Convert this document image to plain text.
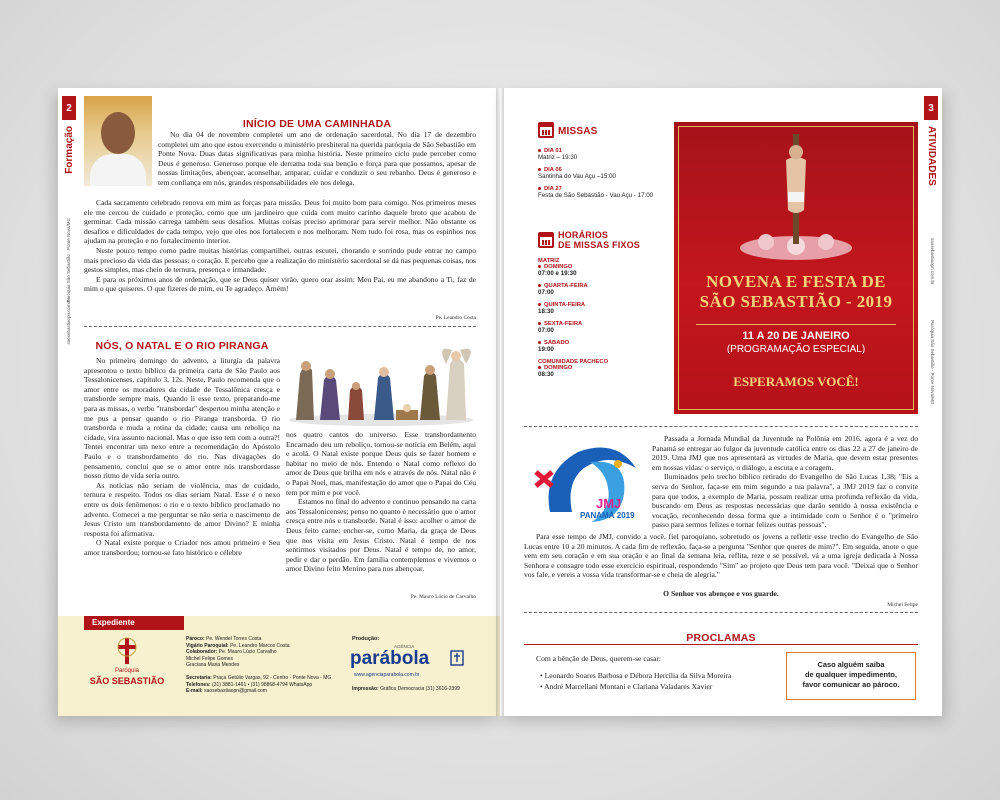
2
Formação
Paróquia São Sebastião - Ponte Nova/MG
saosebastiaopn.com.br
INÍCIO DE UMA CAMINHADA

No dia 04 de novembro completei um ano de ordenação sacerdotal. No dia 17 de dezembro completei um ano que estou exercendo o ministério presbiteral na querida paróquia de São Sebastião em Ponte Nova. Duas datas significativas para minha história. Neste primeiro ciclo pude perceber como Deus é generoso. Generoso porque ele derrama toda sua benção e força para que possamos, apesar de nossas limitações, abençoar, aconselhar, amparar, cuidar e conduzir o seu rebanho. Deus é generoso e tem confiança em nós, grandes responsabilidades ele nos delega.

Cada sacramento celebrado renova em mim as forças para missão. Deus foi muito bom para comigo. Nos primeiros meses ele me cercou de cuidado e proteção, como que um jardineiro que cuida com muito carinho daquele broto que acabou de germinar. Cada missão carrega também seus desafios. Muitas coisas preciso aprimorar para servir melhor. Não obstante os desafios e dificuldades de cada tempo, vejo que eles nos fortalecem e nos melhoram. Nem tudo foi rosa, mas os espinhos nos ajudam na proteção e no fortalecimento interior.

Neste pouco tempo como padre muitas histórias compartilhei, outras escutei, chorando e sorrindo pude entrar no campo mais precioso da vida das pessoas: o coração. E percebo que a realização do ministério sacerdotal se dá nas pequenas coisas, nos gestos simples, mas cheio de ternura, presença e irmandade.

E para os próximos anos de ordenação, que se Deus quiser virão, quero orar assim: Meu Pai, eu me abandono a Ti, faz de mim o que quiseres. O que fizeres de mim, eu Te agradeço. Amém!

Pe. Leandro Costa
NÓS, O NATAL E O RIO PIRANGA

No primeiro domingo do advento, a liturgia da palavra apresentou o texto bíblico da primeira carta de São Paulo aos Tessalonicenses, capítulo 3, 12s. Neste, Paulo recomenda que o amor entre os moradores da cidade de Tessalônica cresça e transborde sempre mais. Quando li esse texto, preparando-me para as missas, o verbo "transbordar" despertou minha atenção e me pus a pensar quando o rio Piranga transborda. O rio transborda e muda a rotina da cidade; causa um reboliço na cidade, vira assunto nacional. Mas o que isso tem com a outra?! Tentei encontrar um nexo entre a recomendação do Apóstolo Paulo e o transbordamento do rio. Nas divagações do pensamento, conclui que se o amor entre nós transbordasse nosso ritmo de vida seria outro.

As notícias não seriam de violência, mas de cuidado, ternura e respeito. Todos os dias seriam Natal. Esse é o nexo entre os dois fenômenos: o rio e o texto bíblico proclamado no advento. Comecei a me perguntar se não seria o nascimento de Jesus Cristo um transbordamento de amor Divino? E minha resposta foi afirmativa.

O Natal existe porque o Criador nos amou primeiro e Seu amor transbordou; tornou-se fato histórico e célebre

nos quatro cantos do universo. Esse transbordamento Encarnado deu um reboliço, tornou-se notícia em Belém, aqui e acolá. O Natal existe porque Deus quis se fazer homem e habitar no meio de nós. Entendo o Natal como reflexo do amor de Deus que brilha em nós e através de nós. Natal não é o Papai Noel, mas, manifestação do amor que o Papai do Céu tem por mim e por você.

Estamos no final do advento e continuo pensando na carta aos Tessalonicenses; penso no quanto é necessário que o amor cresça entre nós e transborde. Natal é isso: acolher o amor de Deus feito carne; encher-se, como Maria, da graça de Deus que nos visita em Jesus Cristo. Natal é tempo de nos sentirmos visitados por Deus. Natal é tempo de, no amor, pedir e dar o perdão. Em família contemplemos e vivemos o amor Divino feito Menino para nos abençoar.

Pe. Mauro Lúcio de Carvalho
Expediente
Paróquia
SÃO SEBASTIÃO
Pároco: Pe. Wendel Torres Costa
Vigário Paroquial: Pe. Leandro Marcos Costa
Colaborador: Pe. Mauro Lúcio Carvalho
Michel Felipe Gomes
Graciana Maria Mendes
Secretaria: Praça Getúlio Vargas, 92 - Centro - Ponte Nova - MG
Telefones: (31) 3881-1461 • (31) 98868-4794 WhatsApp
E-mail: saosebastiaopn@gmail.com
Produção:
AGÊNCIA
parábola
www.agenciaparabola.com.br
Impressão: Gráfica Democracia (31) 3616-2399
3
ATIVIDADES
saosebastiaopn.com.br
Paróquia São Sebastião - Ponte Nova/MG
MISSAS
DIA 01
Matriz – 19:30
DIA 06
Santinha do Vau Açu –15:00
DIA 27
Festa de São Sebastião - Vau Açu - 17:00
HORÁRIOS
DE MISSAS FIXOS
MATRIZ
DOMINGO
07:00 e 19:30
QUARTA-FEIRA
07:00
QUINTA-FEIRA
18:30
SEXTA-FEIRA
07:00
SÁBADO
19:00
COMUNIDADE PACHECO
DOMINGO
08:30
NOVENA E FESTA DE
SÃO SEBASTIÃO - 2019
11 A 20 DE JANEIRO
(PROGRAMAÇÃO ESPECIAL)
ESPERAMOS VOCÊ!
JMJ
PANAMÁ 2019

Passada a Jornada Mundial da Juventude na Polônia em 2016, agora é a vez do Panamá se entregar ao fulgor da juventude católica entre os dias 22 a 27 de janeiro de 2019. Uma JMJ que nos apresentará as virtudes de Maria, que devem estar presentes em nossas vidas: o serviço, o diálogo, a escuta e a coragem.

Iluminados pelo trecho bíblico retirado do Evangelho de São Lucas 1,38; "Eis a serva do Senhor, faça-se em mim segundo a tua palavra", a JMJ 2019 faz o convite para que todos, a exemplo de Maria, possam realizar uma profunda reflexão da vida, buscando em Deus as respostas necessárias que darão sentido à nossa existência e vocação, reconhecendo dessa forma que a intimidade com o Senhor é o "primeiro passo para sermos felizes e tornar felizes outras pessoas".

Para esse tempo de JMJ, convido a você, fiel paroquiano, sobretudo os jovens a refletir esse trecho do Evangelho de São Lucas entre 10 a 20 minutos. A cada fim de reflexão, faça-se a pergunta "Senhor que queres de mim?". Em seguida, anote o que vem em seu coração e em sua oração e ao final da semana leia, reflita, reze e se possível, vá a uma igreja dedicada à Nossa Senhora e consagre todo esse exercício espiritual, respondendo "Sim" ao projeto que Deus tem para você. "Deixai que o Senhor vos fale, e vereis a vossa vida transformar-se e cheia de alegria."

O Senhor vos abençoe e vos guarde.
Michel Felipe
PROCLAMAS
Com a bênção de Deus, querem-se casar:
• Leonardo Soares Barbosa e Débora Hercília da Silva Moreira
• André Marcellani Montani e Clariana Valadares Xavier
Caso alguém saiba
de qualquer impedimento,
favor comunicar ao pároco.
